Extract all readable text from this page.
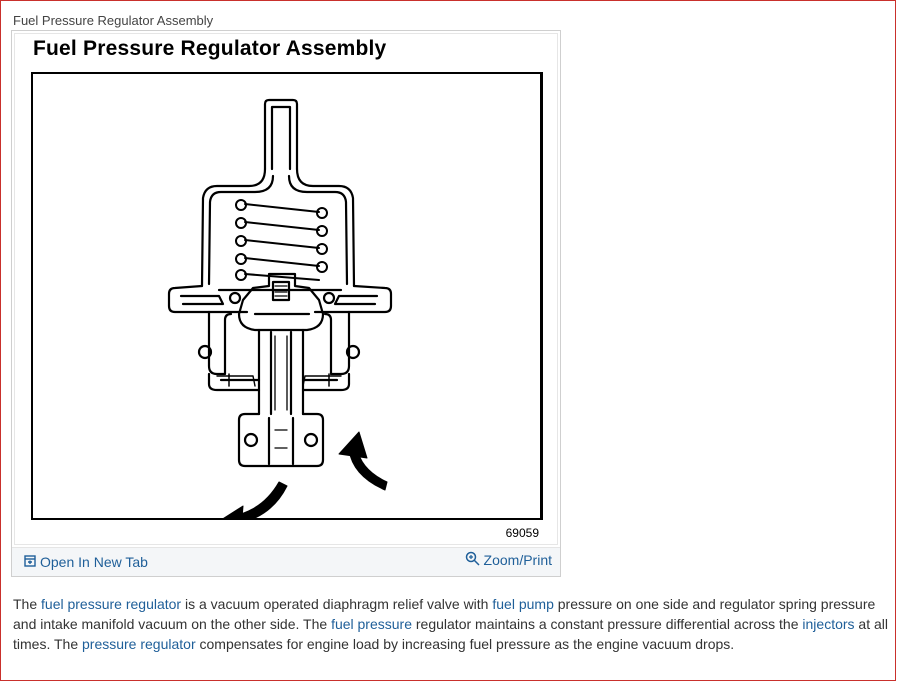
Fuel Pressure Regulator Assembly
Fuel Pressure Regulator Assembly
69059
Open In New Tab	Zoom/Print
The fuel pressure regulator is a vacuum operated diaphragm relief valve with fuel pump pressure on one side and regulator spring pressure and intake manifold vacuum on the other side. The fuel pressure regulator maintains a constant pressure differential across the injectors at all times. The pressure regulator compensates for engine load by increasing fuel pressure as the engine vacuum drops.
